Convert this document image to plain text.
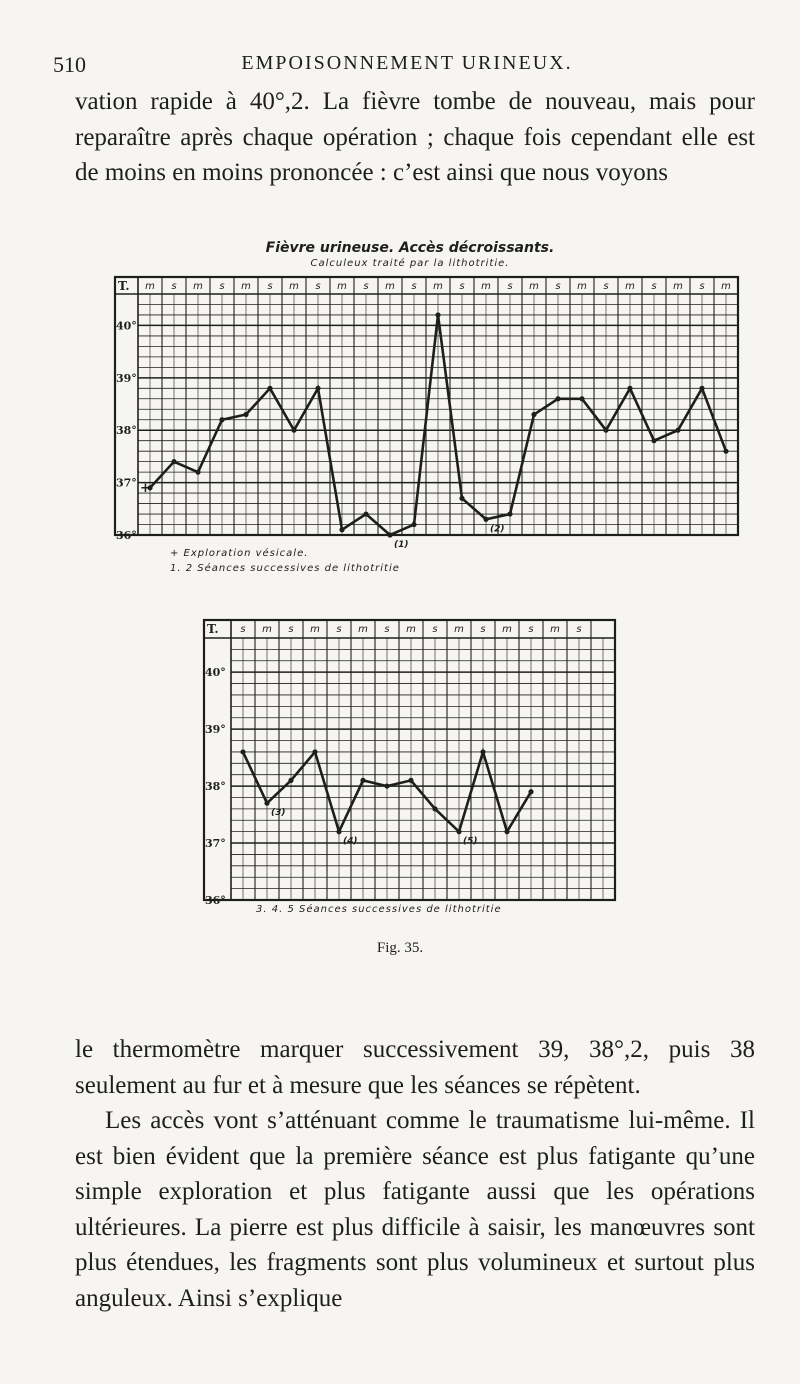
510	EMPOISONNEMENT URINEUX.

vation rapide à 40°,2. La fièvre tombe de nouveau, mais pour reparaître après chaque opération ; chaque fois cependant elle est de moins en moins prononcée : c’est ainsi que nous voyons

Fièvre urineuse. Accès décroissants.
Calculeux traité par la lithotritie.
T. m s m s m s m s m s m s m s m s m s m s m s m s m
40°
39°
38°
37°
36°
+
(1)
(2)
T. s m s m s m s m s m s m s m s
40°
39°
38°
37°
36°
(3)
(4)	(5)
+ Exploration vésicale.
1. 2 Séances successives de lithotritie
3. 4. 5 Séances successives de lithotritie
Fig. 35.

le thermomètre marquer successivement 39, 38°,2, puis 38 seulement au fur et à mesure que les séances se répètent.

Les accès vont s’atténuant comme le traumatisme lui-même. Il est bien évident que la première séance est plus fatigante qu’une simple exploration et plus fatigante aussi que les opérations ultérieures. La pierre est plus difficile à saisir, les manœuvres sont plus étendues, les fragments sont plus volumineux et surtout plus anguleux. Ainsi s’explique
